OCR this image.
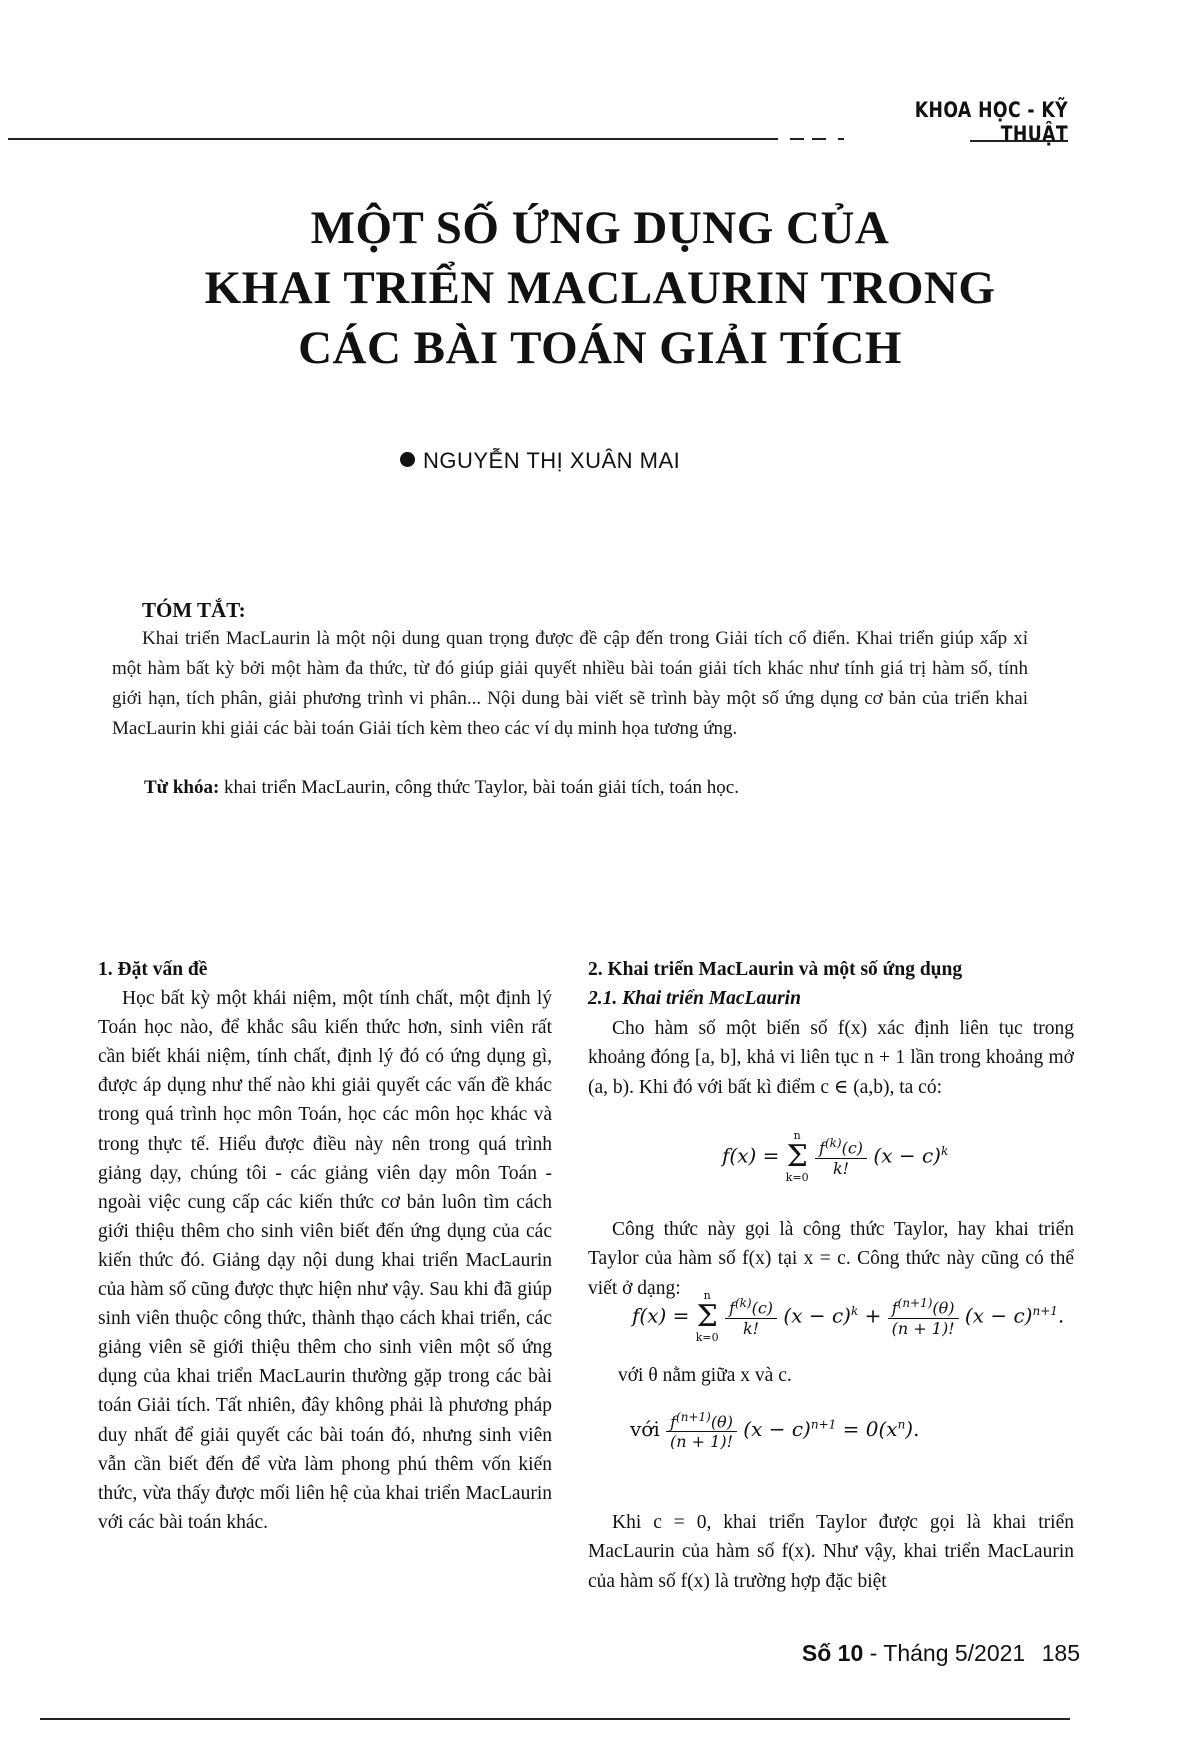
KHOA HỌC - KỸ THUẬT
MỘT SỐ ỨNG DỤNG CỦA
KHAI TRIỂN MACLAURIN TRONG
CÁC BÀI TOÁN GIẢI TÍCH
NGUYỄN THỊ XUÂN MAI
TÓM TẮT:
Khai triển MacLaurin là một nội dung quan trọng được đề cập đến trong Giải tích cổ điển. Khai triển giúp xấp xỉ một hàm bất kỳ bởi một hàm đa thức, từ đó giúp giải quyết nhiều bài toán giải tích khác như tính giá trị hàm số, tính giới hạn, tích phân, giải phương trình vi phân... Nội dung bài viết sẽ trình bày một số ứng dụng cơ bản của triển khai MacLaurin khi giải các bài toán Giải tích kèm theo các ví dụ minh họa tương ứng.
Từ khóa: khai triển MacLaurin, công thức Taylor, bài toán giải tích, toán học.

1. Đặt vấn đề

Học bất kỳ một khái niệm, một tính chất, một định lý Toán học nào, để khắc sâu kiến thức hơn, sinh viên rất cần biết khái niệm, tính chất, định lý đó có ứng dụng gì, được áp dụng như thế nào khi giải quyết các vấn đề khác trong quá trình học môn Toán, học các môn học khác và trong thực tế. Hiểu được điều này nên trong quá trình giảng dạy, chúng tôi - các giảng viên dạy môn Toán - ngoài việc cung cấp các kiến thức cơ bản luôn tìm cách giới thiệu thêm cho sinh viên biết đến ứng dụng của các kiến thức đó. Giảng dạy nội dung khai triển MacLaurin của hàm số cũng được thực hiện như vậy. Sau khi đã giúp sinh viên thuộc công thức, thành thạo cách khai triển, các giảng viên sẽ giới thiệu thêm cho sinh viên một số ứng dụng của khai triển MacLaurin thường gặp trong các bài toán Giải tích. Tất nhiên, đây không phải là phương pháp duy nhất để giải quyết các bài toán đó, nhưng sinh viên vẫn cần biết đến để vừa làm phong phú thêm vốn kiến thức, vừa thấy được mối liên hệ của khai triển MacLaurin với các bài toán khác.

2. Khai triển MacLaurin và một số ứng dụng

2.1. Khai triển MacLaurin

Cho hàm số một biến số f(x) xác định liên tục trong khoảng đóng [a, b], khả vi liên tục n + 1 lần trong khoảng mở (a, b). Khi đó với bất kì điểm c ∈ (a,b), ta có:

f(x) =
n
Σ
k=0
$\frac{f^{(k)}(c)}{k!} (x - c)^k$

Công thức này gọi là công thức Taylor, hay khai triển Taylor của hàm số f(x) tại x = c. Công thức này cũng có thể viết ở dạng:

f(x) =
n
Σ
k=0
$\frac{f^{(k)}(c)}{k!} (x - c)^k + \frac{f^{(n+1)}(\theta)}{(n + 1)!} (x - c)^{n+1}$.

với θ nằm giữa x và c.

với $\frac{f^{(n+1)}(\theta)}{(n + 1)!} (x - c)^{n+1} = 0(x^n)$.

Khi c = 0, khai triển Taylor được gọi là khai triển MacLaurin của hàm số f(x). Như vậy, khai triển MacLaurin của hàm số f(x) là trường hợp đặc biệt

Số 10 - Tháng 5/2021 185
